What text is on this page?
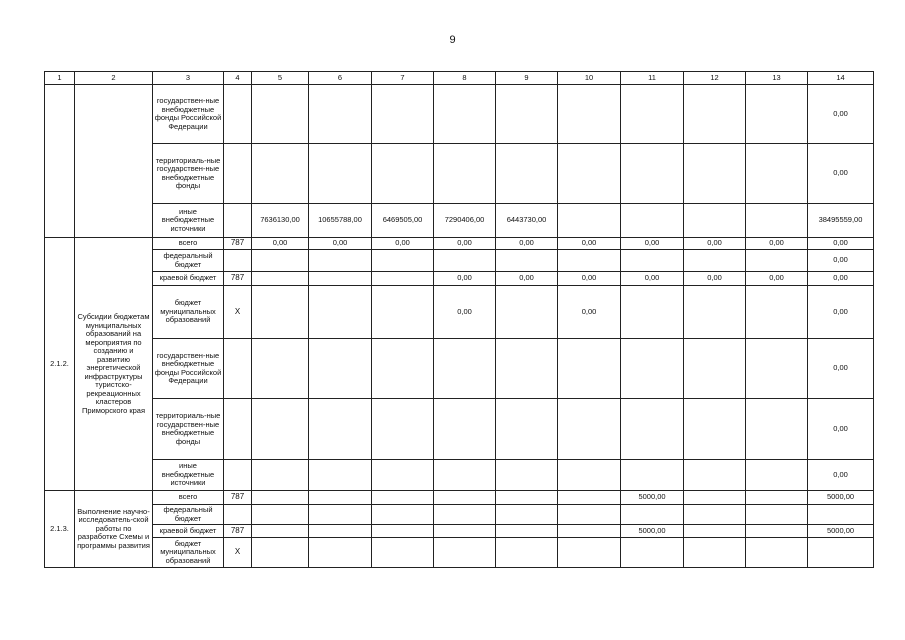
9
1	2	3	4	5	6	7	8	9	10	11	12	13	14
		государствен-ные внебюджетные фонды Российской Федерации											0,00
		территориаль-ные государствен-ные внебюджетные фонды											0,00
		иные внебюджетные источники		7636130,00	10655788,00	6469505,00	7290406,00	6443730,00					38495559,00
2.1.2.	Субсидии бюджетам муниципальных образований на мероприятия по созданию и развитию энергетической инфраструктуры туристско-рекреационных кластеров Приморского края	всего	787	0,00	0,00	0,00	0,00	0,00	0,00	0,00	0,00	0,00	0,00
		федеральный бюджет											0,00
		краевой бюджет	787				0,00	0,00	0,00	0,00	0,00	0,00	0,00
		бюджет муниципальных образований	X				0,00		0,00				0,00
		государствен-ные внебюджетные фонды Российской Федерации											0,00
		территориаль-ные государствен-ные внебюджетные фонды											0,00
		иные внебюджетные источники											0,00
2.1.3.	Выполнение научно-исследователь-ской работы по разработке Схемы и программы развития	всего	787							5000,00			5000,00
		федеральный бюджет											
		краевой бюджет	787							5000,00			5000,00
		бюджет муниципальных образований	X										
